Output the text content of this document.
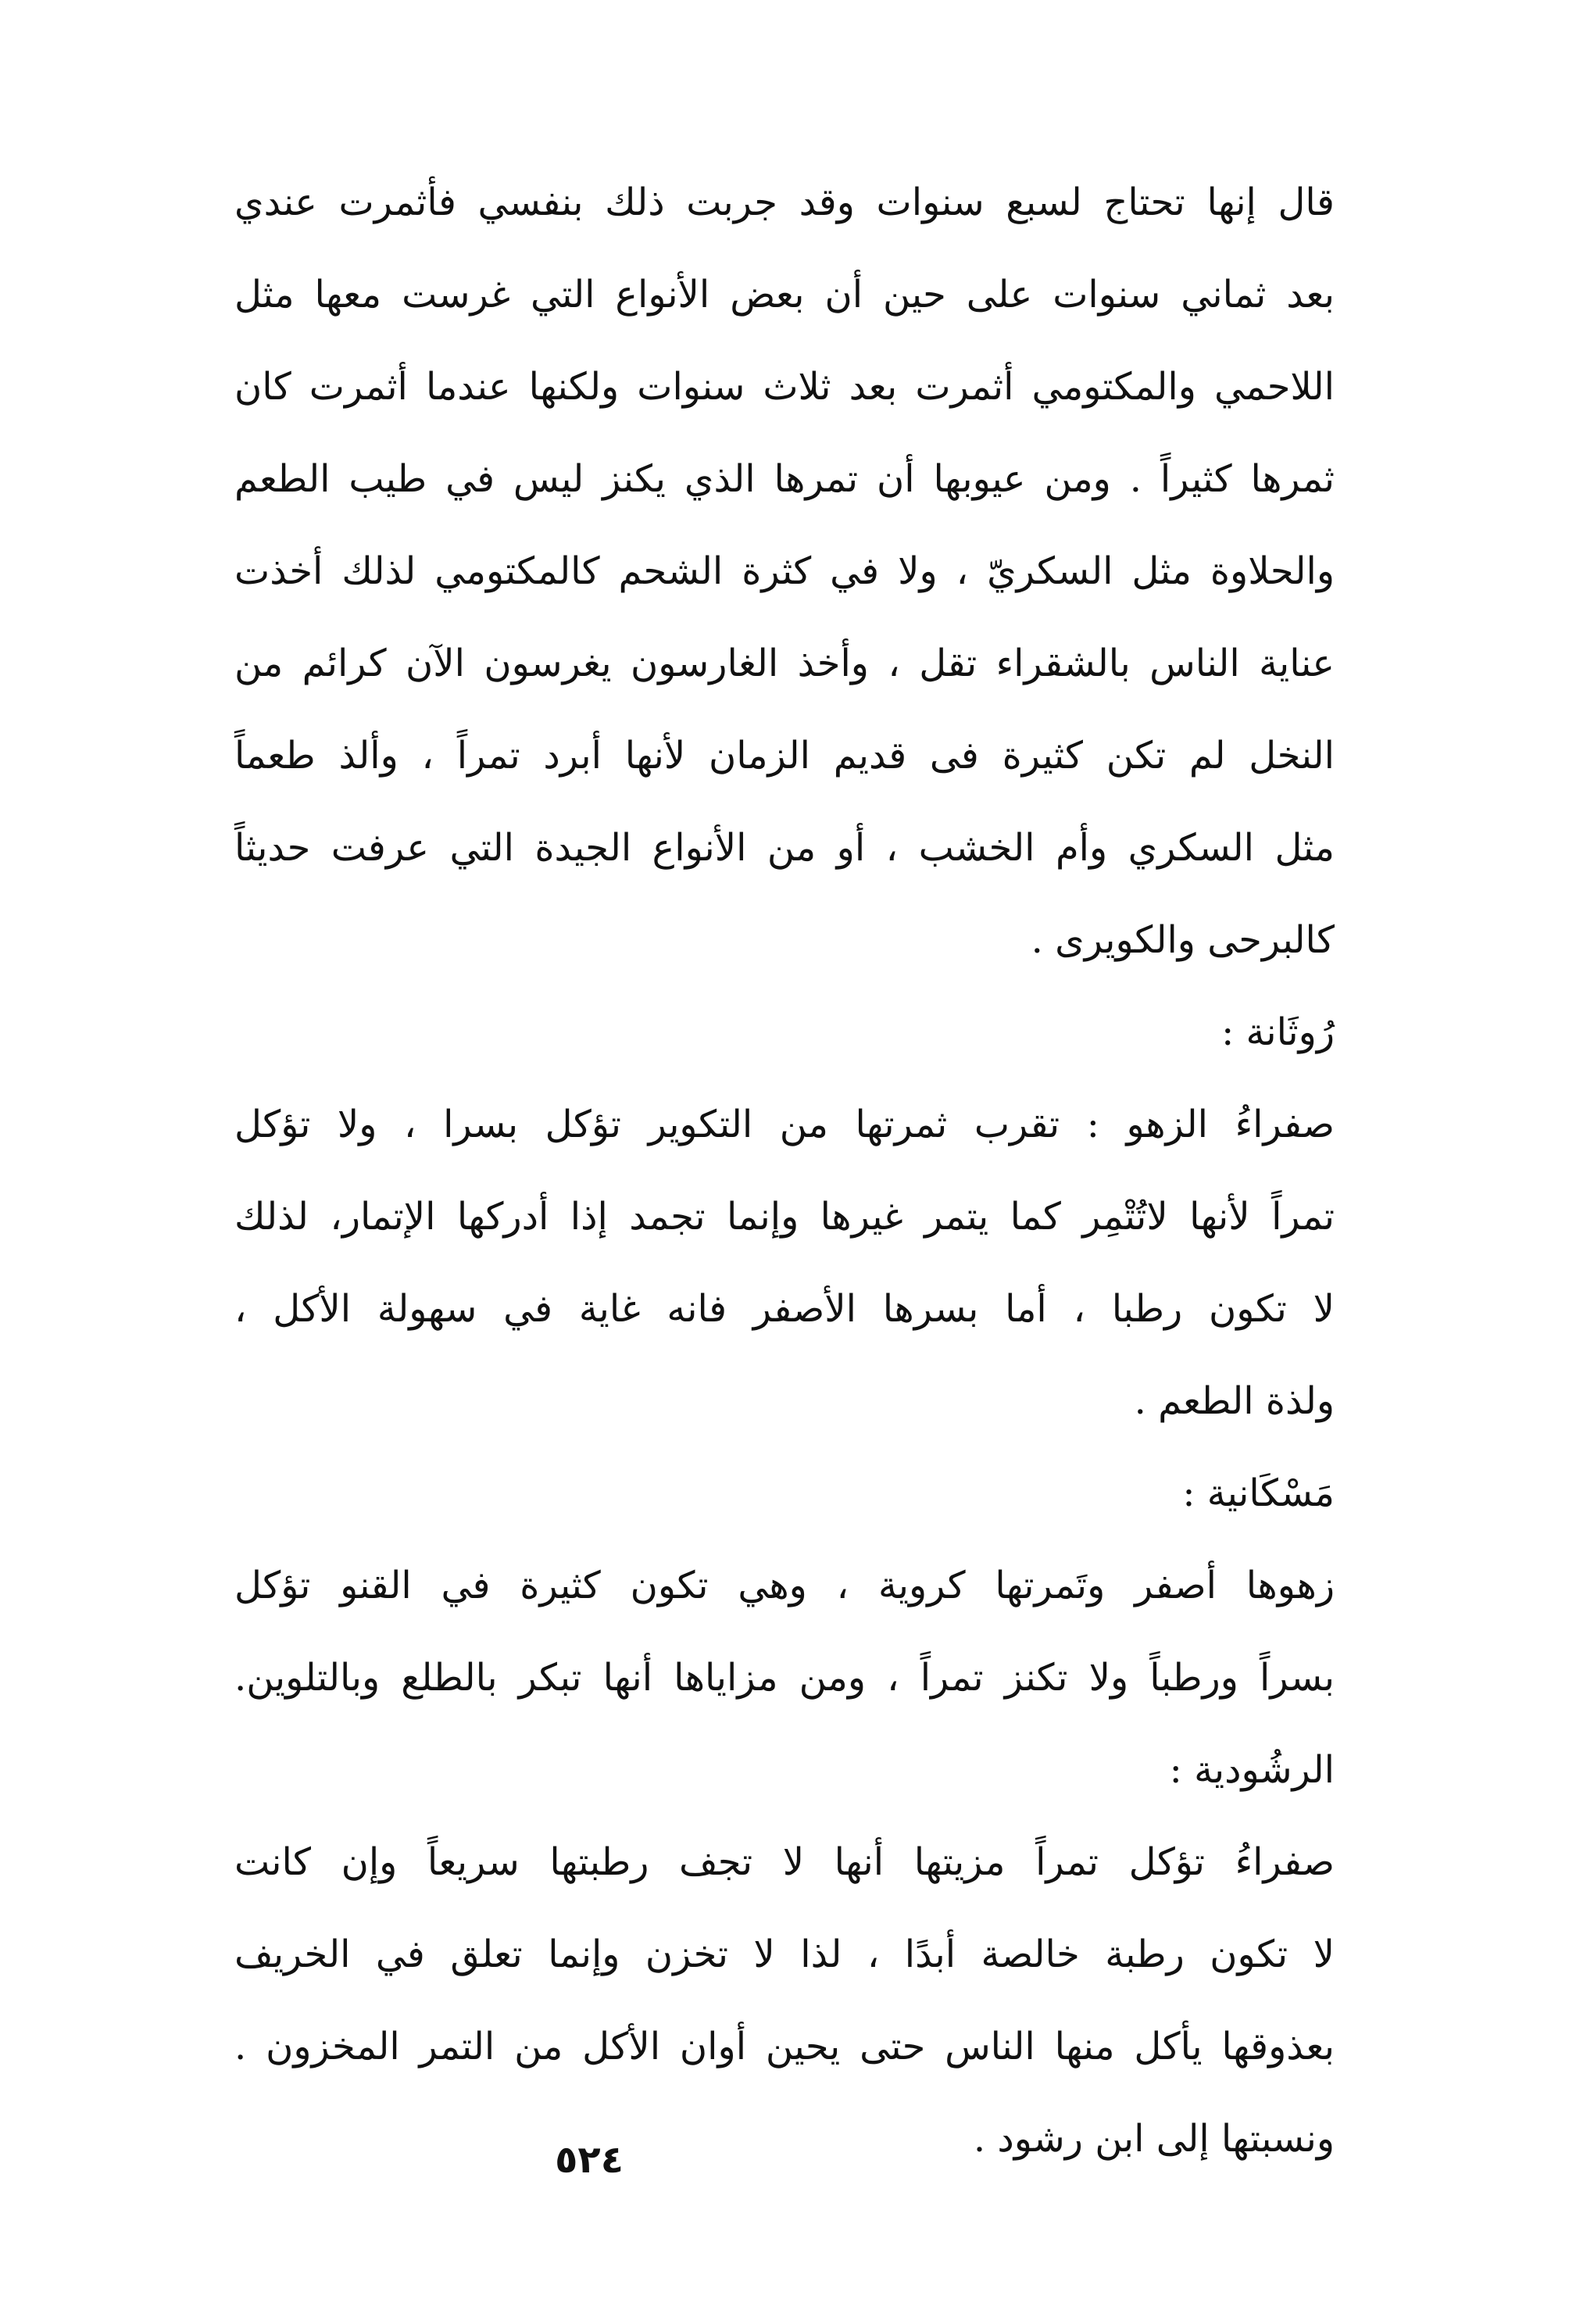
قال إنها تحتاج لسبع سنوات وقد جربت ذلك بنفسي فأثمرت عندي
بعد ثماني سنوات على حين أن بعض الأنواع التي غرست معها مثل
اللاحمي والمكتومي أثمرت بعد ثلاث سنوات ولكنها عندما أثمرت كان
ثمرها كثيراً . ومن عيوبها أن تمرها الذي يكنز ليس في طيب الطعم
والحلاوة مثل السكريّ ، ولا في كثرة الشحم كالمكتومي لذلك أخذت
عناية الناس بالشقراء تقل ، وأخذ الغارسون يغرسون الآن كرائم من
النخل لم تكن كثيرة فى قديم الزمان لأنها أبرد تمراً ، وألذ طعماً
مثل السكري وأم الخشب ، أو من الأنواع الجيدة التي عرفت حديثاً
كالبرحى والكويرى .
رُوثَانة :
صفراءُ الزهو : تقرب ثمرتها من التكوير تؤكل بسرا ، ولا تؤكل
تمراً لأنها لاتُتْمِر كما يتمر غيرها وإنما تجمد إذا أدركها الإتمار، لذلك
لا تكون رطبا ، أما بسرها الأصفر فانه غاية في سهولة الأكل ،
ولذة الطعم .
مَسْكَانية :
زهوها أصفر وتَمرتها كروية ، وهي تكون كثيرة في القنو تؤكل
بسراً ورطباً ولا تكنز تمراً ، ومن مزاياها أنها تبكر بالطلع وبالتلوين.
الرشُودية :
صفراءُ تؤكل تمراً مزيتها أنها لا تجف رطبتها سريعاً وإن كانت
لا تكون رطبة خالصة أبدًا ، لذا لا تخزن وإنما تعلق في الخريف
بعذوقها يأكل منها الناس حتى يحين أوان الأكل من التمر المخزون .
ونسبتها إلى ابن رشود .
٥٢٤
